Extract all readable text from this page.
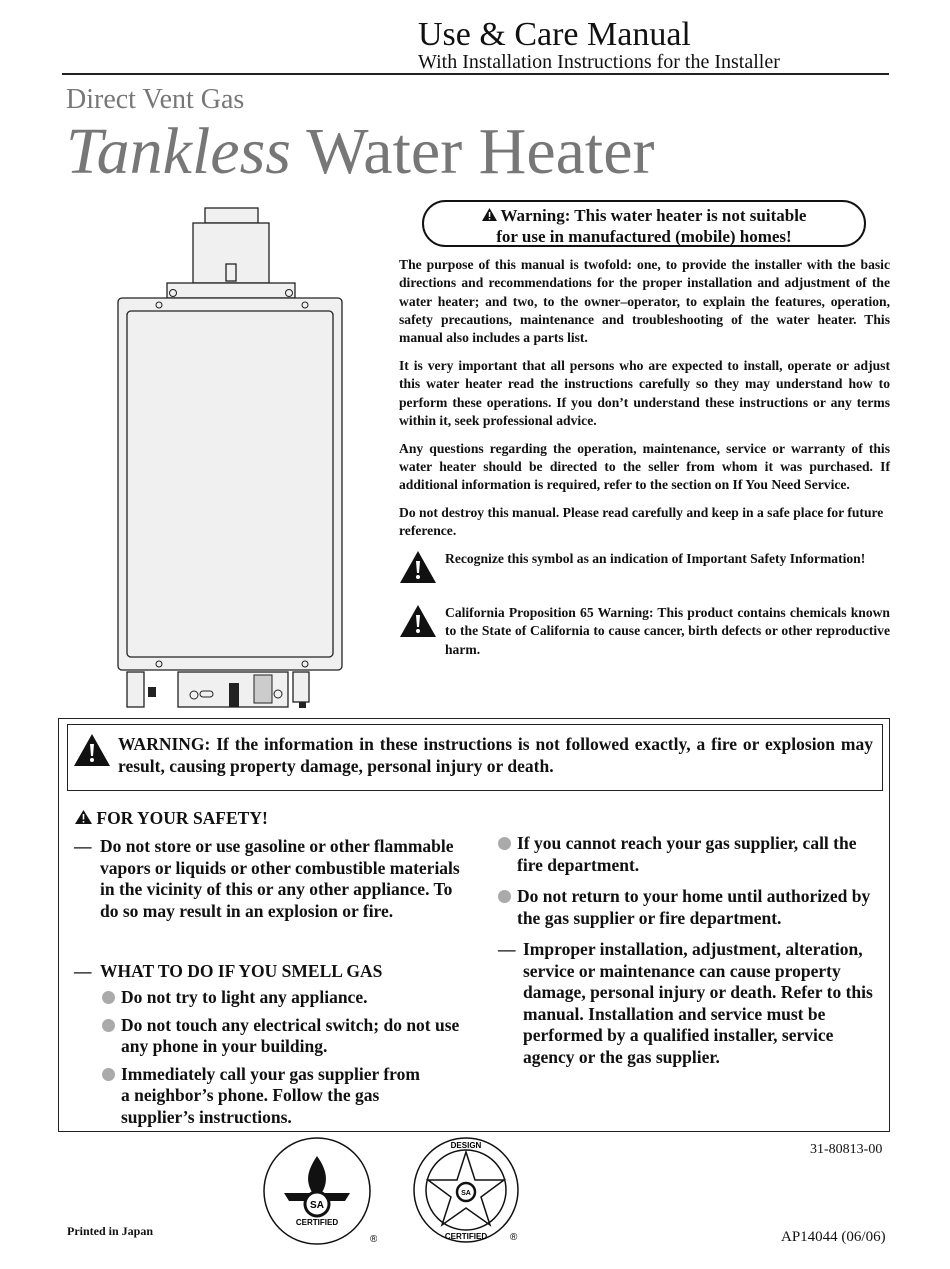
Use & Care Manual
With Installation Instructions for the Installer
Direct Vent Gas
Tankless Water Heater
Warning: This water heater is not suitable
for use in manufactured (mobile) homes!

The purpose of this manual is twofold: one, to provide the installer with the basic directions and recommendations for the proper installation and adjustment of the water heater; and two, to the owner–operator, to explain the features, operation, safety precautions, maintenance and troubleshooting of the water heater. This manual also includes a parts list.

It is very important that all persons who are expected to install, operate or adjust this water heater read the instructions carefully so they may understand how to perform these operations. If you don’t understand these instructions or any terms within it, seek professional advice.

Any questions regarding the operation, maintenance, service or warranty of this water heater should be directed to the seller from whom it was purchased. If additional information is required, refer to the section on If You Need Service.

Do not destroy this manual. Please read carefully and keep in a safe place for future reference.

Recognize this symbol as an indication of Important Safety Information!
California Proposition 65 Warning: This product contains chemicals known to the State of California to cause cancer, birth defects or other reproductive harm.
WARNING: If the information in these instructions is not followed exactly, a fire or explosion may result, causing property damage, personal injury or death.
FOR YOUR SAFETY!
— Do not store or use gasoline or other flammable vapors or liquids or other combustible materials in the vicinity of this or any other appliance. To do so may result in an explosion or fire.
— WHAT TO DO IF YOU SMELL GAS
Do not try to light any appliance.
Do not touch any electrical switch; do not use any phone in your building.
Immediately call your gas supplier from a neighbor’s phone. Follow the gas supplier’s instructions.
If you cannot reach your gas supplier, call the fire department.
Do not return to your home until authorized by the gas supplier or fire department.
— Improper installation, adjustment, alteration, service or maintenance can cause property damage, personal injury or death. Refer to this manual. Installation and service must be performed by a qualified installer, service agency or the gas supplier.
31-80813-00
Printed in Japan	AP14044 (06/06)
SA
CERTIFIED
®
SA
DESIGN
CERTIFIED ®
